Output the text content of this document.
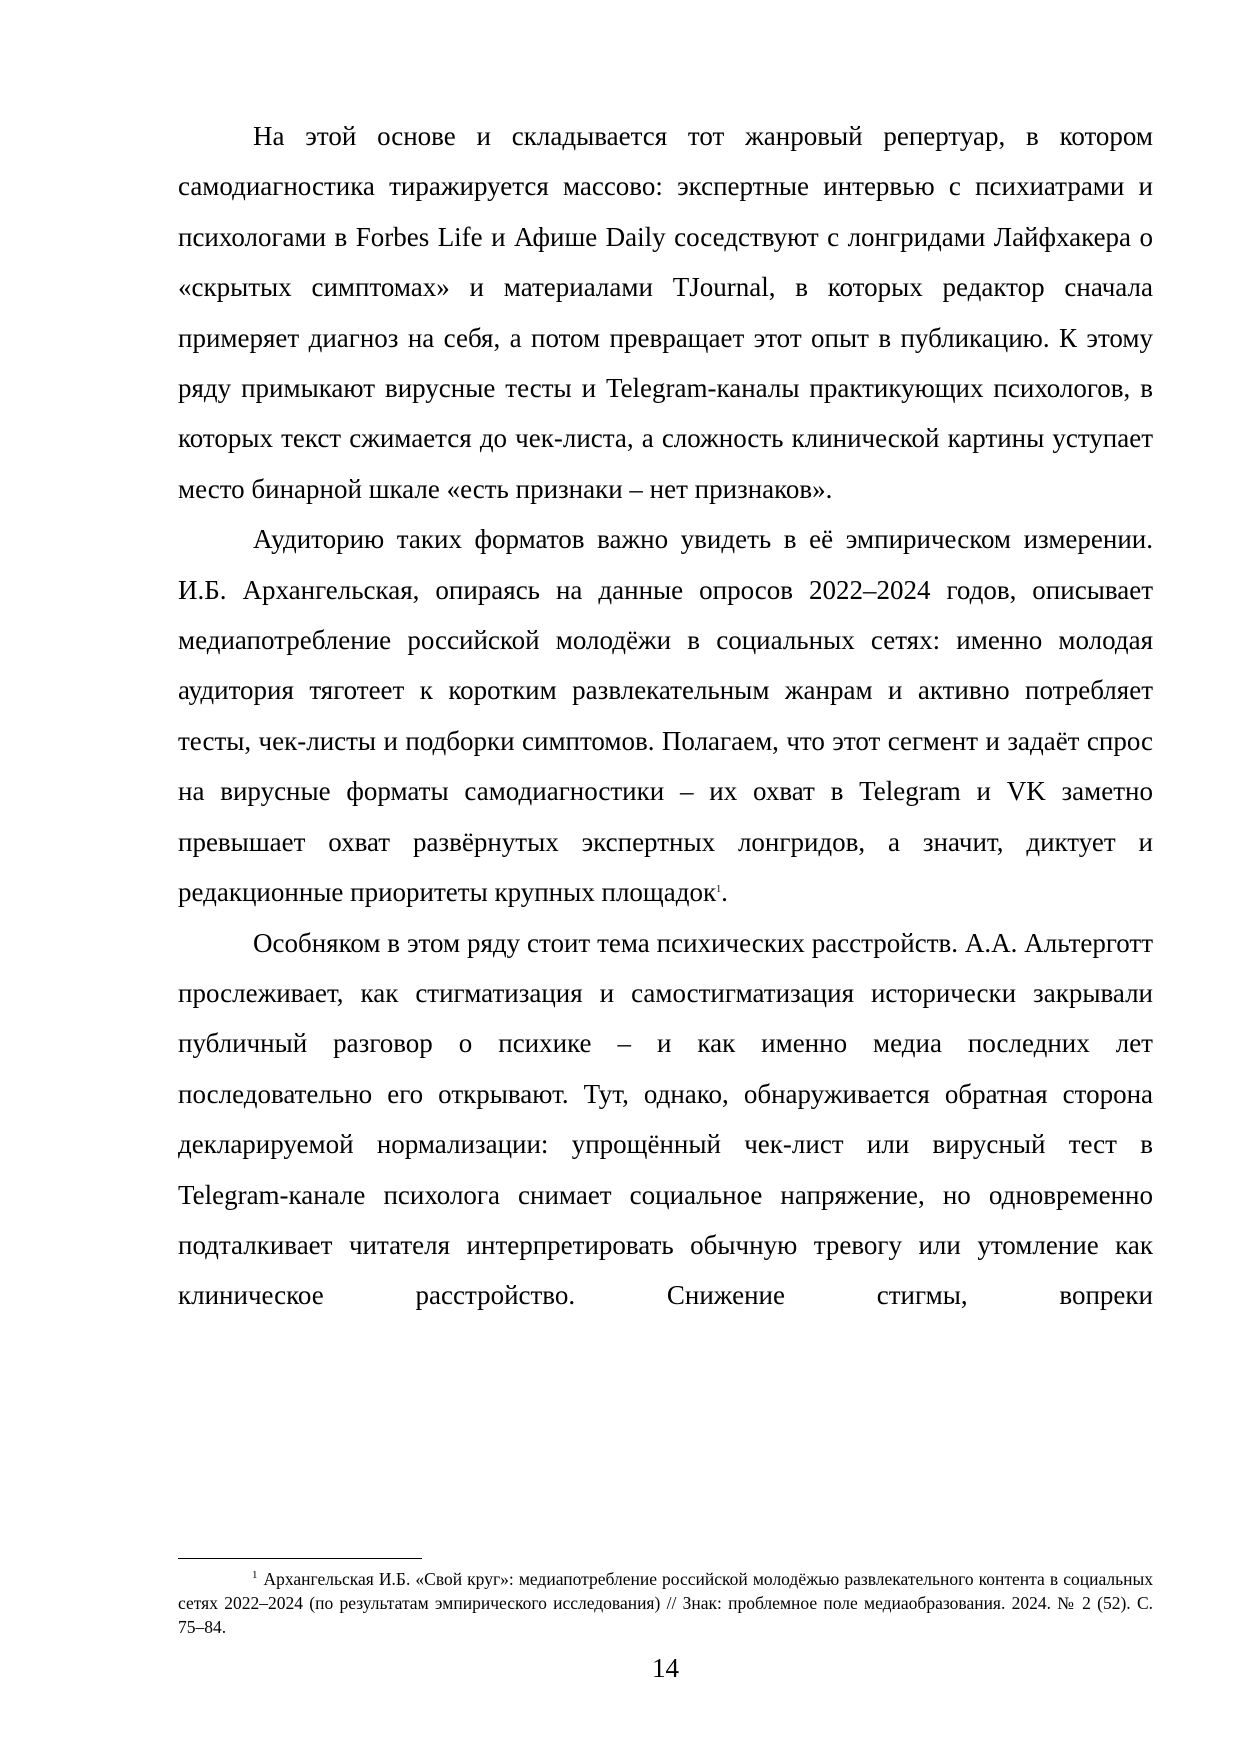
На этой основе и складывается тот жанровый репертуар, в котором самодиагностика тиражируется массово: экспертные интервью с психиатрами и психологами в Forbes Life и Афише Daily соседствуют с лонгридами Лайфхакера о «скрытых симптомах» и материалами TJournal, в которых редактор сначала примеряет диагноз на себя, а потом превращает этот опыт в публикацию. К этому ряду примыкают вирусные тесты и Telegram-каналы практикующих психологов, в которых текст сжимается до чек-листа, а сложность клинической картины уступает место бинарной шкале «есть признаки – нет признаков».

Аудиторию таких форматов важно увидеть в её эмпирическом измерении. И.Б. Архангельская, опираясь на данные опросов 2022–2024 годов, описывает медиапотребление российской молодёжи в социальных сетях: именно молодая аудитория тяготеет к коротким развлекательным жанрам и активно потребляет тесты, чек-листы и подборки симптомов. Полагаем, что этот сегмент и задаёт спрос на вирусные форматы самодиагностики – их охват в Telegram и VK заметно превышает охват развёрнутых экспертных лонгридов, а значит, диктует и редакционные приоритеты крупных площадок$^1$.

Особняком в этом ряду стоит тема психических расстройств. А.А. Альтерготт прослеживает, как стигматизация и самостигматизация исторически закрывали публичный разговор о психике – и как именно медиа последних лет последовательно его открывают. Тут, однако, обнаруживается обратная сторона декларируемой нормализации: упрощённый чек-лист или вирусный тест в Telegram-канале психолога снимает социальное напряжение, но одновременно подталкивает читателя интерпретировать обычную тревогу или утомление как клиническое расстройство. Снижение стигмы, вопреки

$^1$ Архангельская И.Б. «Свой круг»: медиапотребление российской молодёжью развлекательного контента в социальных сетях 2022–2024 (по результатам эмпирического исследования) // Знак: проблемное поле медиаобразования. 2024. № 2 (52). С. 75–84.

14
